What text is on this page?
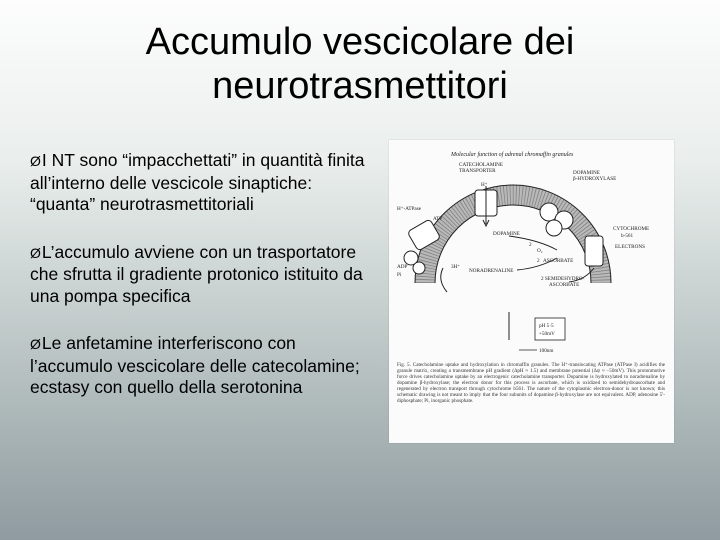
Accumulo vescicolare dei
neurotrasmettitori

ØI NT sono “impacchettati” in quantità finita all’interno delle vescicole sinaptiche: “quanta” neurotrasmettitoriali

ØL’accumulo avviene con un trasportatore che sfrutta il gradiente protonico istituito da una pompa specifica

ØLe anfetamine interferiscono con l’accumulo vescicolare delle catecolamine; ecstasy con quello della serotonina

Molecular function of adrenal chromaffin granules
CATECHOLAMINE
TRANSPORTER	DOPAMINE
β-HYDROXYLASE
H⁺
H⁺-ATPase
ATP
ADP
Pi
3H⁺
DOPAMINE
O₂
2
ASCORBATE
2
NORADRENALINE
2 SEMIDEHYDRO-
ASCORBATE
CYTOCHROME
b-561
ELECTRONS
pH 5·5
+50mV
100nm
Fig. 5. Catecholamine uptake and hydroxylation in chromaffin granules. The H⁺-translocating ATPase (ATPase I) acidifies the granule matrix, creating a transmembrane pH gradient (ΔpH ≈ 1.5) and membrane potential (Δψ ≈ −50mV). This protonmotive force drives catecholamine uptake by an electrogenic catecholamine transporter. Dopamine is hydroxylated to noradrenaline by dopamine β-hydroxylase; the electron donor for this process is ascorbate, which is oxidized to semidehydroascorbate and regenerated by electron transport through cytochrome b561. The nature of the cytoplasmic electron-donor is not known; this schematic drawing is not meant to imply that the four subunits of dopamine β-hydroxylase are not equivalent. ADP, adenosine 5′-diphosphate; Pi, inorganic phosphate.
